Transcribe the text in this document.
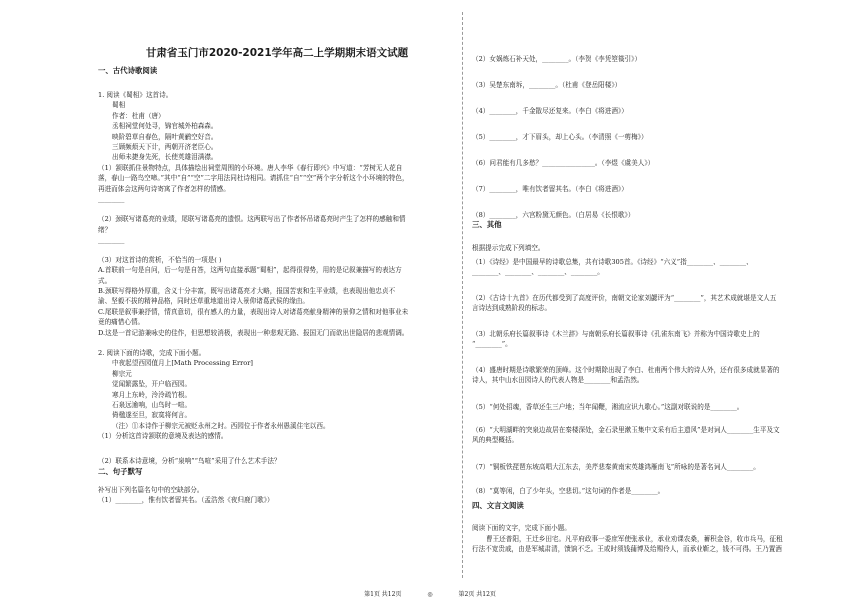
甘肃省玉门市2020-2021学年高二上学期期末语文试题
一、古代诗歌阅读
1. 阅读《蜀相》这首诗。
蜀相
作者：杜甫（唐）
丞相祠堂何处寻，锦官城外柏森森。
映阶碧草自春色，隔叶黄鹂空好音。
三顾频烦天下计，两朝开济老臣心。
出师未捷身先死，长使英雄泪满襟。
（1）颔联抓住景物特点，具体描绘出祠堂周围的小环境。唐人李华《春行即兴》中写道：“芳树无人花自
落，春山一路鸟空啼。”其中“自”“空”二字用法同杜诗相同。请抓住“自”“空”两个字分析这个小环境的特色，
再进而体会这两句诗寄寓了作者怎样的情感。
________
（2）颈联写诸葛亮的业绩，尾联写诸葛亮的遗恨。这两联写出了作者怀吊诸葛亮时产生了怎样的感触和情
绪？
________
（3）对这首诗的赏析，不恰当的一项是( )
A.首联前一句是自问，后一句是自答，这两句直接承题“蜀相”，起得很得势，用的是记叙兼描写的表达方
式。
B.颈联写得格外厚重，含义十分丰富，既写出诸葛亮才大略，报国苦衷和生平业绩，也表现出他忠贞不
渝、坚毅不拔的精神品格，同时还草重地道出诗人景仰诸葛武侯的缘由。
C.尾联是叙事兼抒情，情真意切，很有感人的力量，表现出诗人对诸葛亮献身精神的景仰之情和对他事业未
竟的痛惜心情。
D.这是一首记游兼咏史的佳作，但思想较消极，表现出一种悲观无路、报国无门而欲出世隐居的悲观情调。
2. 阅读下面的诗歌，完成下面小题。
中夜起望西园值月上[Math Processing Error]
柳宗元
觉闻繁露坠，开户临西园。
寒月上东岭，泠泠疏竹根。
石泉远逾响，山鸟时一喧。
倚楹遂至旦，寂寞将何言。
（注）①本诗作于柳宗元被贬永州之时。西园位于作者永州愚溪住宅以西。
（1）分析这首诗颔联的意境及表达的感情。
（2）联系本诗意境，分析“泉响”“鸟喧”采用了什么艺术手法？
二、句子默写
补写出下列名篇名句中的空缺部分。
（1）________，惟有饮者留其名。（孟浩然《夜归鹿门歌》）
（2）女娲炼石补天处，________。（李贺《李凭箜篌引》）
（3）吴楚东南坼，________。（杜甫《登岳阳楼》）
（4）________，千金散尽还复来。（李白《将进酒》）
（5）________，才下眉头，却上心头。（李清照《一剪梅》）
（6）问君能有几多愁？________________。（李煜《虞美人》）
（7）________，唯有饮者留其名。（李白《将进酒》）
（8）________，六宫粉黛无颜色。（白居易《长恨歌》）
三、其他
根据提示完成下列填空。
（1）《诗经》是中国最早的诗歌总集，共有诗歌305首。《诗经》“六义”指________、________、
________、________、________、________。
（2）《古诗十九首》在历代都受到了高度评价，南朝文论家刘勰评为“________”，其艺术成就堪是文人五
言诗达到成熟阶段的标志。
（3）北朝乐府长篇叙事诗《木兰辞》与南朝乐府长篇叙事诗《孔雀东南飞》并称为中国诗歌史上的
“________”。
（4）盛唐时期是诗歌繁荣的顶峰。这个时期除出现了李白、杜甫两个伟大的诗人外，还有很多成就显著的
诗人，其中山水田园诗人的代表人物是________和孟浩然。
（5）“何处招魂，香草还生三户地；当年闻鞭，湘流应识九歌心。”这副对联说的是________。
（6）“大明湖畔的突泉边故居在秦楼深处，金石录里漱玉集中文采有后主遗风”是对词人________生平及文
风的典型概括。
（7）“铜板铁琵琶东坡高唱大江东去，美芹悲秦黄南宋英雄鸿雁南飞”所咏的是著名词人________。
（8）“莫等闲，白了少年头，空悲切。”这句词的作者是________。
四、文言文阅读
阅读下面的文字，完成下面小题。
曹王还普阳，王迁乡田宅。凡平府政事一委庶军使张承业，承业劝课农桑，蓄积金谷，收市兵马，征租
行法不宽贵戚，由是军城肃清，馈饷不乏。王或时须钱蒱博及给赐伶人，而承业靳之，钱不可得。王乃置酒
第1页 共12页	◎	第2页 共12页
